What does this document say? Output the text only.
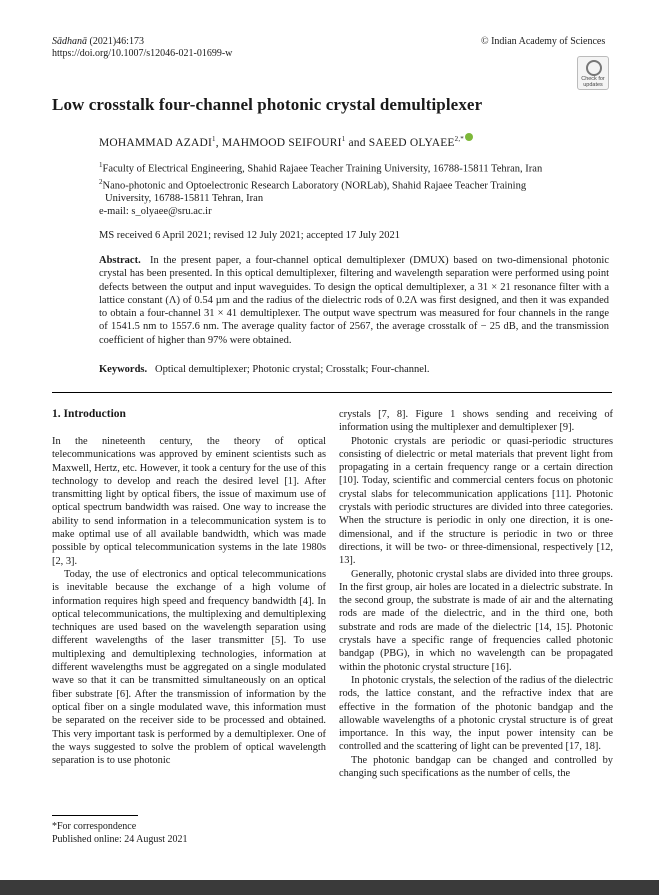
Sādhanā (2021)46:173
https://doi.org/10.1007/s12046-021-01699-w
© Indian Academy of Sciences
Check for updates
Low crosstalk four-channel photonic crystal demultiplexer
MOHAMMAD AZADI$^1$, MAHMOOD SEIFOURI$^1$ and SAEED $OLYAEE^{2,*}$

$^1$Faculty of Electrical Engineering, Shahid Rajaee Teacher Training University, 16788-15811 Tehran, Iran

$^2$Nano-photonic and Optoelectronic Research Laboratory (NORLab), Shahid Rajaee Teacher Training

University, 16788-15811 Tehran, Iran

e-mail: s_olyaee@sru.ac.ir

MS received 6 April 2021; revised 12 July 2021; accepted 17 July 2021
Abstract. In the present paper, a four-channel optical demultiplexer (DMUX) based on two-dimensional photonic crystal has been presented. In this optical demultiplexer, filtering and wavelength separation were performed using point defects between the output and input waveguides. To design the optical demultiplexer, a 31 × 21 resonance filter with a lattice constant (Λ) of 0.54 µm and the radius of the dielectric rods of 0.2Λ was first designed, and then it was expanded to obtain a four-channel 31 × 41 demultiplexer. The output wave spectrum was measured for four channels in the range of 1541.5 nm to 1557.6 nm. The average quality factor of 2567, the average crosstalk of − 25 dB, and the transmission coefficient of higher than 97% were obtained.
Keywords. Optical demultiplexer; Photonic crystal; Crosstalk; Four-channel.
1. Introduction

In the nineteenth century, the theory of optical telecommunications was approved by eminent scientists such as Maxwell, Hertz, etc. However, it took a century for the use of this technology to develop and reach the desired level [1]. After transmitting light by optical fibers, the issue of maximum use of optical spectrum bandwidth was raised. One way to increase the ability to send information in a telecommunication system is to make optimal use of all available bandwidth, which was made possible by optical telecommunication systems in the late 1980s [2, 3].

Today, the use of electronics and optical telecommunications is inevitable because the exchange of a high volume of information requires high speed and frequency bandwidth [4]. In optical telecommunications, the multiplexing and demultiplexing techniques are used based on the wavelength separation using different wavelengths of the laser transmitter [5]. To use multiplexing and demultiplexing technologies, information at different wavelengths must be aggregated on a single modulated wave so that it can be transmitted simultaneously on an optical fiber substrate [6]. After the transmission of information by the optical fiber on a single modulated wave, this information must be separated on the receiver side to be processed and obtained. This very important task is performed by a demultiplexer. One of the ways suggested to solve the problem of optical wavelength separation is to use photonic

crystals [7, 8]. Figure 1 shows sending and receiving of information using the multiplexer and demultiplexer [9].

Photonic crystals are periodic or quasi-periodic structures consisting of dielectric or metal materials that prevent light from propagating in a certain frequency range or a certain direction [10]. Today, scientific and commercial centers focus on photonic crystal slabs for telecommunication applications [11]. Photonic crystals with periodic structures are divided into three categories. When the structure is periodic in only one direction, it is one-dimensional, and if the structure is periodic in two or three directions, it will be two- or three-dimensional, respectively [12, 13].

Generally, photonic crystal slabs are divided into three groups. In the first group, air holes are located in a dielectric substrate. In the second group, the substrate is made of air and the alternating rods are made of the dielectric, and in the third one, both substrate and rods are made of the dielectric [14, 15]. Photonic crystals have a specific range of frequencies called photonic bandgap (PBG), in which no wavelength can be propagated within the photonic crystal structure [16].

In photonic crystals, the selection of the radius of the dielectric rods, the lattice constant, and the refractive index that are effective in the formation of the photonic bandgap and the allowable wavelengths of a photonic crystal structure is of great importance. In this way, the input power intensity can be controlled and the scattering of light can be prevented [17, 18].

The photonic bandgap can be changed and controlled by changing such specifications as the number of cells, the

*For correspondence
Published online: 24 August 2021
